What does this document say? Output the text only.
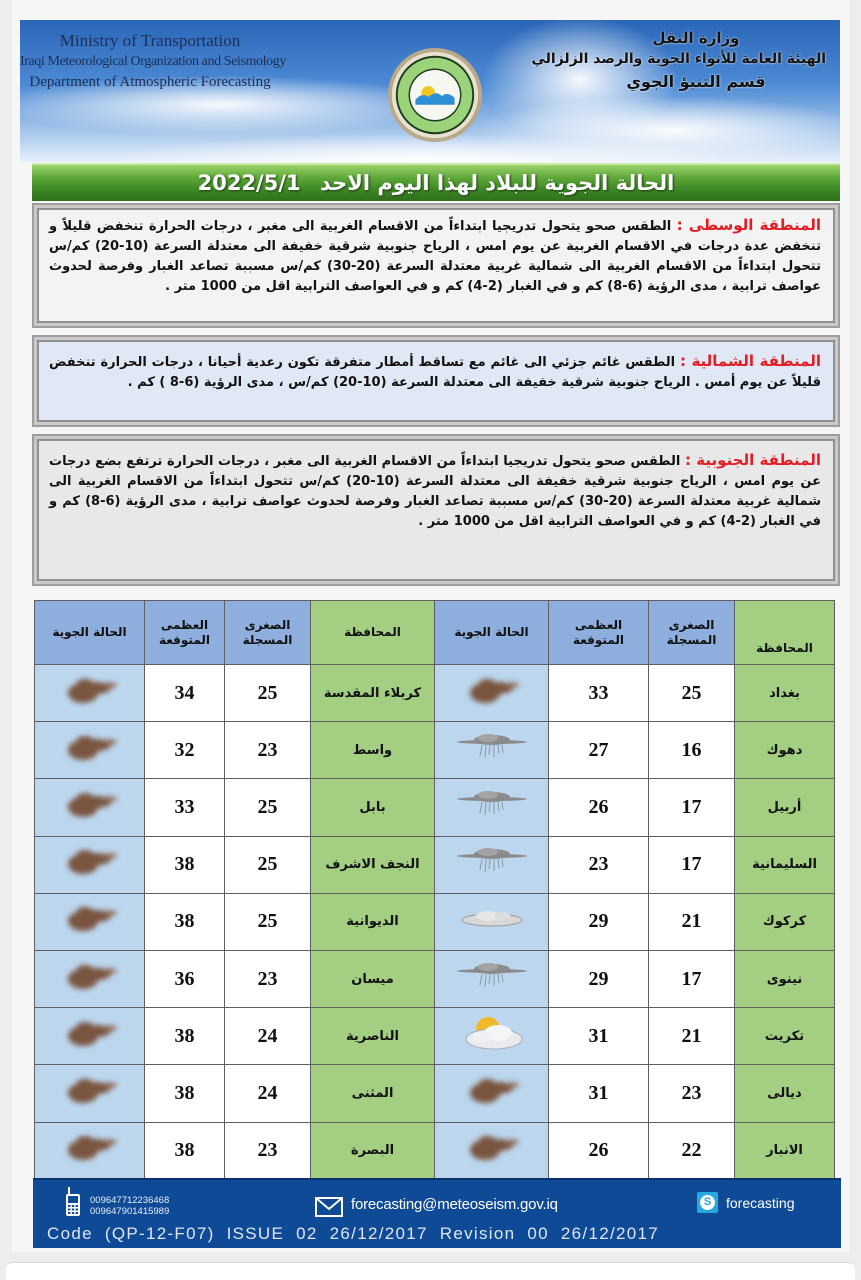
Ministry of Transportation
Iraqi Meteorological Organization and Seismology
Department of Atmospheric Forecasting
وزارة النقل
الهيئة العامة للأنواء الجوية والرصد الزلزالي
قسم التنبؤ الجوي
الحالة الجوية للبلاد لهذا اليوم الاحد 2022/5/1
المنطقة الوسطى : الطقس صحو يتحول تدريجيا ابتداءاً من الاقسام الغربية الى مغبر ، درجات الحرارة تنخفض قليلاً و تنخفض عدة درجات في الاقسام الغربية عن يوم امس ، الرياح جنوبية شرقية خفيفة الى معتدلة السرعة (10-20) كم/س تتحول ابتداءاً من الاقسام الغربية الى شمالية غربية معتدلة السرعة (20-30) كم/س مسببة تصاعد الغبار وفرصة لحدوث عواصف ترابية ، مدى الرؤية (6-8) كم و في الغبار (2-4) كم و في العواصف الترابية اقل من 1000 متر .
المنطقة الشمالية : الطقس غائم جزئي الى غائم مع تساقط أمطار متفرقة تكون رعدية أحيانا ، درجات الحرارة تنخفض قليلاً عن يوم أمس . الرياح جنوبية شرقية خفيفة الى معتدلة السرعة (10-20) كم/س ، مدى الرؤية (6-8 ) كم .
المنطقة الجنوبية : الطقس صحو يتحول تدريجيا ابتداءاً من الاقسام الغربية الى مغبر ، درجات الحرارة ترتفع بضع درجات عن يوم امس ، الرياح جنوبية شرقية خفيفة الى معتدلة السرعة (10-20) كم/س تتحول ابتداءاً من الاقسام الغربية الى شمالية غربية معتدلة السرعة (20-30) كم/س مسببة تصاعد الغبار وفرصة لحدوث عواصف ترابية ، مدى الرؤية (6-8) كم و في الغبار (2-4) كم و في العواصف الترابية اقل من 1000 متر .
المحافظة	الصغرى المسجلة	العظمى المتوقعة	الحالة الجوية	المحافظة	الصغرى المسجلة	العظمى المتوقعة	الحالة الجوية
بغداد	25	33		كربلاء المقدسة	25	34	
دهوك	16	27		واسط	23	32	
أربيل	17	26		بابل	25	33	
السليمانية	17	23		النجف الاشرف	25	38	
كركوك	21	29		الديوانية	25	38	
نينوى	17	29		ميسان	23	36	
تكريت	21	31		الناصرية	24	38	
ديالى	23	31		المثنى	24	38	
الانبار	22	26		البصرة	23	38	
009647712236468
009647901415989	forecasting@meteoseism.gov.iq	S forecasting
Code (QP-12-F07) ISSUE 02 26/12/2017 Revision 00 26/12/2017
